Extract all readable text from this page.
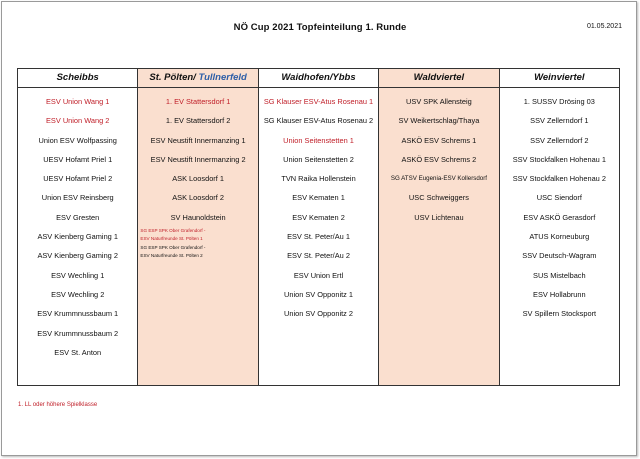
NÖ Cup 2021 Topfeinteilung 1. Runde	01.05.2021
Scheibbs
ESV Union Wang 1
ESV Union Wang 2
Union ESV Wolfpassing
UESV Hofamt Priel 1
UESV Hofamt Priel 2
Union ESV Reinsberg
ESV Gresten
ASV Kienberg Gaming 1
ASV Kienberg Gaming 2
ESV Wechling 1
ESV Wechling 2
ESV Krummnussbaum 1
ESV Krummnussbaum 2
ESV St. Anton
St. Pölten/ Tullnerfeld
1. EV Stattersdorf 1
1. EV Stattersdorf 2
ESV Neustift Innermanzing 1
ESV Neustift Innermanzing 2
ASK Loosdorf 1
ASK Loosdorf 2
SV Haunoldstein
SG ESP SPK Ober Grafendorf -
ESV Naturfreunde St. Pölten 1
SG ESP SPK Ober Grafendorf -
ESV Naturfreunde St. Pölten 2
Waidhofen/Ybbs
SG Klauser ESV-Atus Rosenau 1
SG Klauser ESV-Atus Rosenau 2
Union Seitenstetten 1
Union Seitenstetten 2
TVN Raika Hollenstein
ESV Kematen 1
ESV Kematen 2
ESV St. Peter/Au 1
ESV St. Peter/Au 2
ESV Union Ertl
Union SV Opponitz 1
Union SV Opponitz 2
Waldviertel
USV SPK Allensteig
SV Weikertschlag/Thaya
ASKÖ ESV Schrems 1
ASKÖ ESV Schrems 2
SG ATSV Eugenia-ESV Kollersdorf
USC Schweiggers
USV Lichtenau
Weinviertel
1. SUSSV Drösing 03
SSV Zellerndorf 1
SSV Zellerndorf 2
SSV Stockfalken Hohenau 1
SSV Stockfalken Hohenau 2
USC Siendorf
ESV ASKÖ Gerasdorf
ATUS Korneuburg
SSV Deutsch-Wagram
SUS Mistelbach
ESV Hollabrunn
SV Spillern Stocksport
1. LL oder höhere Spielklasse
